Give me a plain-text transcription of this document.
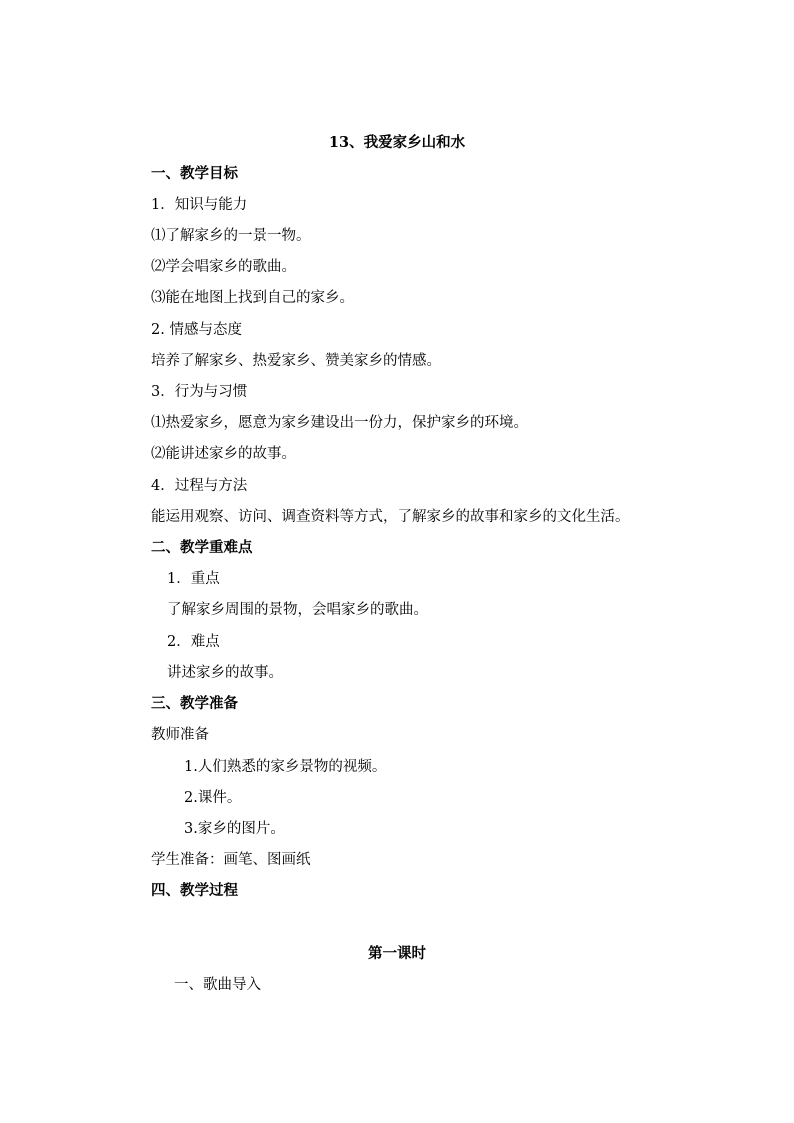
13、我爱家乡山和水
一、教学目标
1．知识与能力
⑴了解家乡的一景一物。
⑵学会唱家乡的歌曲。
⑶能在地图上找到自己的家乡。
2. 情感与态度
培养了解家乡、热爱家乡、赞美家乡的情感。
3．行为与习惯
⑴热爱家乡，愿意为家乡建设出一份力，保护家乡的环境。
⑵能讲述家乡的故事。
4．过程与方法
能运用观察、访问、调查资料等方式，了解家乡的故事和家乡的文化生活。
二、教学重难点
1．重点
了解家乡周围的景物，会唱家乡的歌曲。
2．难点
讲述家乡的故事。
三、教学准备
教师准备
1.人们熟悉的家乡景物的视频。
2.课件。
3.家乡的图片。
学生准备：画笔、图画纸
四、教学过程
第一课时
一、歌曲导入
